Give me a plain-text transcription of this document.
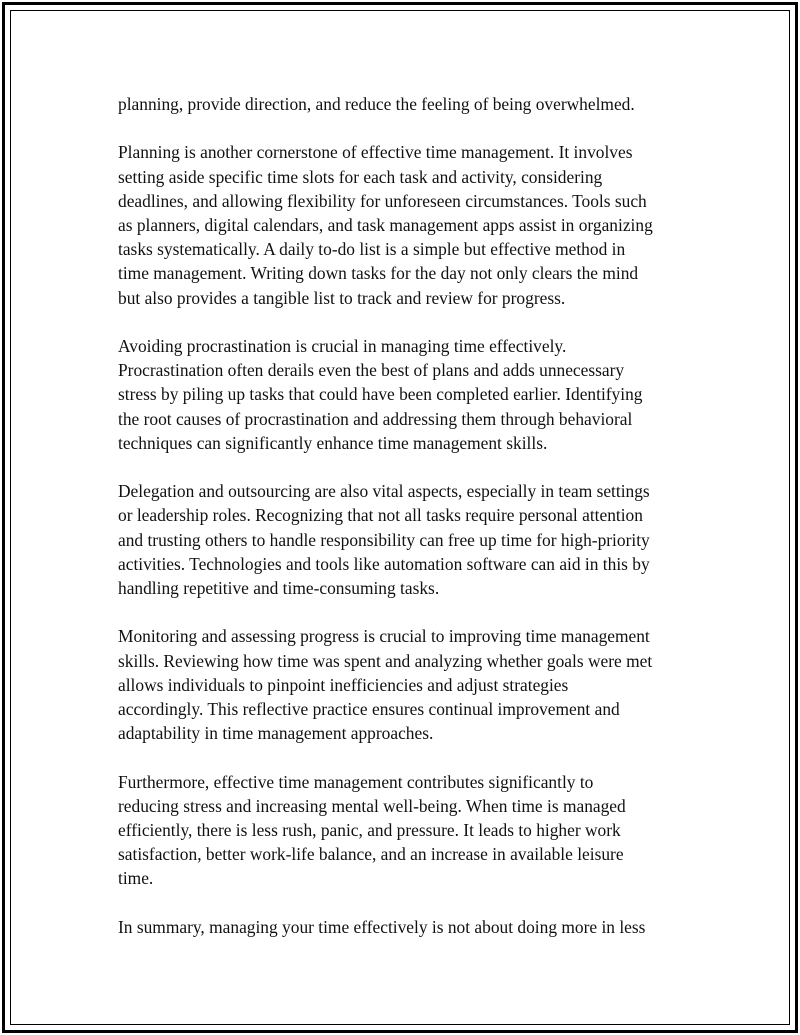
planning, provide direction, and reduce the feeling of being overwhelmed.

Planning is another cornerstone of effective time management. It involves
setting aside specific time slots for each task and activity, considering
deadlines, and allowing flexibility for unforeseen circumstances. Tools such
as planners, digital calendars, and task management apps assist in organizing
tasks systematically. A daily to-do list is a simple but effective method in
time management. Writing down tasks for the day not only clears the mind
but also provides a tangible list to track and review for progress.

Avoiding procrastination is crucial in managing time effectively.
Procrastination often derails even the best of plans and adds unnecessary
stress by piling up tasks that could have been completed earlier. Identifying
the root causes of procrastination and addressing them through behavioral
techniques can significantly enhance time management skills.

Delegation and outsourcing are also vital aspects, especially in team settings
or leadership roles. Recognizing that not all tasks require personal attention
and trusting others to handle responsibility can free up time for high-priority
activities. Technologies and tools like automation software can aid in this by
handling repetitive and time-consuming tasks.

Monitoring and assessing progress is crucial to improving time management
skills. Reviewing how time was spent and analyzing whether goals were met
allows individuals to pinpoint inefficiencies and adjust strategies
accordingly. This reflective practice ensures continual improvement and
adaptability in time management approaches.

Furthermore, effective time management contributes significantly to
reducing stress and increasing mental well-being. When time is managed
efficiently, there is less rush, panic, and pressure. It leads to higher work
satisfaction, better work-life balance, and an increase in available leisure
time.

In summary, managing your time effectively is not about doing more in less
